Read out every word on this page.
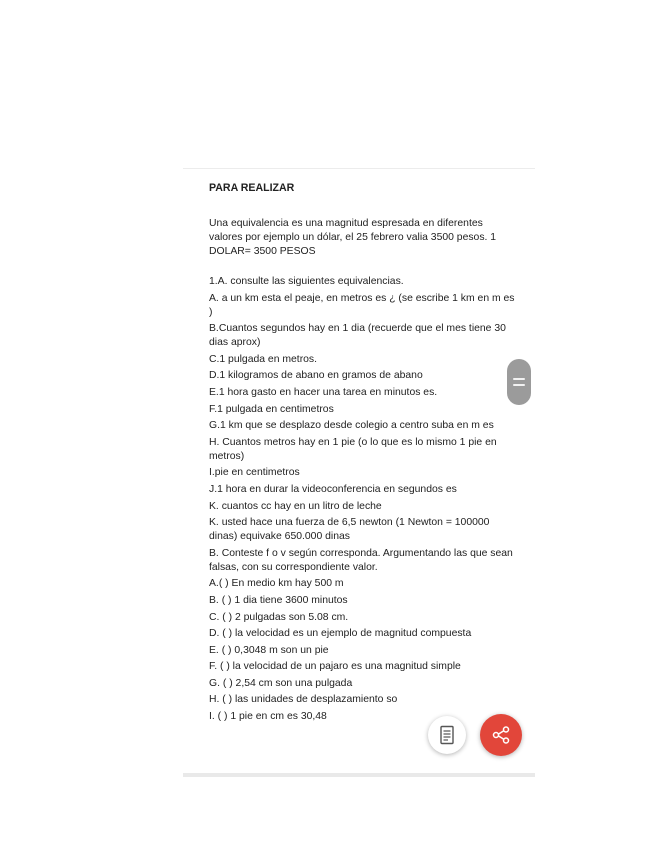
PARA REALIZAR

Una equivalencia es una magnitud espresada en diferentes valores por ejemplo un dólar, el 25 febrero valia 3500 pesos. 1 DOLAR= 3500 PESOS

1.A. consulte las siguientes equivalencias.

A. a un km esta el peaje, en metros es ¿ (se escribe 1 km en m es )

B.Cuantos segundos hay en 1 dia (recuerde que el mes tiene 30 dias aprox)

C.1 pulgada en metros.

D.1 kilogramos de abano en gramos de abano

E.1 hora gasto en hacer una tarea en minutos es.

F.1 pulgada en centimetros

G.1 km que se desplazo desde colegio a centro suba en m es

H. Cuantos metros hay en 1 pie (o lo que es lo mismo 1 pie en metros)

I.pie en centimetros

J.1 hora en durar la videoconferencia en segundos es

K. cuantos cc hay en un litro de leche

K. usted hace una fuerza de 6,5 newton (1 Newton = 100000 dinas) equivake 650.000 dinas

B. Conteste f o v según corresponda. Argumentando las que sean falsas, con su correspondiente valor.

A.( ) En medio km hay 500 m

B. ( ) 1 dia tiene 3600 minutos

C. ( ) 2 pulgadas son 5.08 cm.

D. ( ) la velocidad es un ejemplo de magnitud compuesta

E. ( ) 0,3048 m son un pie

F. ( ) la velocidad de un pajaro es una magnitud simple

G. ( ) 2,54 cm son una pulgada

H. ( ) las unidades de desplazamiento so

I. ( ) 1 pie en cm es 30,48
